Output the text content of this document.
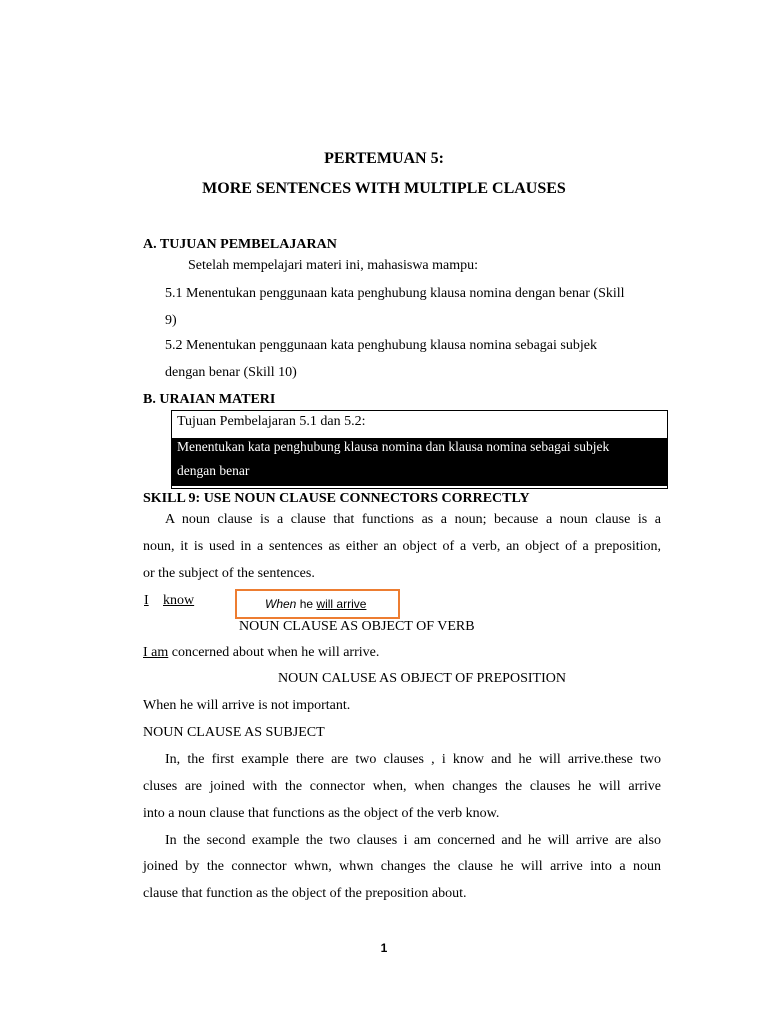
PERTEMUAN 5:
MORE SENTENCES WITH MULTIPLE CLAUSES
A. TUJUAN PEMBELAJARAN
Setelah mempelajari materi ini, mahasiswa mampu:
5.1 Menentukan penggunaan kata penghubung klausa nomina dengan benar (Skill
9)
5.2 Menentukan penggunaan kata penghubung klausa nomina sebagai subjek
dengan benar (Skill 10)
B. URAIAN MATERI
Tujuan Pembelajaran 5.1 dan 5.2:
Menentukan kata penghubung klausa nomina dan klausa nomina sebagai subjek
dengan benar
SKILL 9: USE NOUN CLAUSE CONNECTORS CORRECTLY
A noun clause is a clause that functions as a noun; because a noun clause is a
noun, it is used in a sentences as either an object of a verb, an object of a preposition,
or the subject of the sentences.
I know	When he will arrive
NOUN CLAUSE AS OBJECT OF VERB
I am concerned about when he will arrive.
NOUN CALUSE AS OBJECT OF PREPOSITION
When he will arrive is not important.
NOUN CLAUSE AS SUBJECT
In, the first example there are two clauses , i know and he will arrive.these two
cluses are joined with the connector when, when changes the clauses he will arrive
into a noun clause that functions as the object of the verb know.
In the second example the two clauses i am concerned and he will arrive are also
joined by the connector whwn, whwn changes the clause he will arrive into a noun
clause that function as the object of the preposition about.
1
